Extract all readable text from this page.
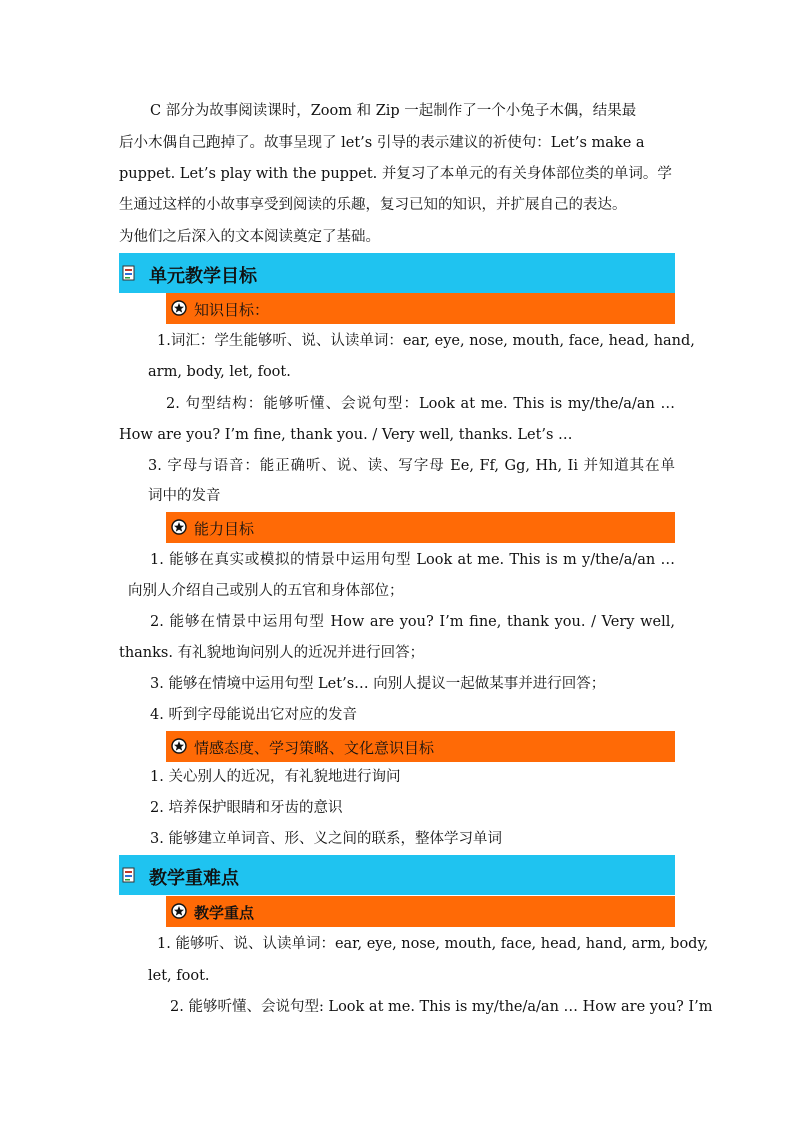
C 部分为故事阅读课时，Zoom 和 Zip 一起制作了一个小兔子木偶，结果最
后小木偶自己跑掉了。故事呈现了 let’s 引导的表示建议的祈使句：Let’s make a
puppet. Let’s play with the puppet. 并复习了本单元的有关身体部位类的单词。学
生通过这样的小故事享受到阅读的乐趣，复习已知的知识，并扩展自己的表达。
为他们之后深入的文本阅读奠定了基础。
单元教学目标
知识目标：
1.词汇：学生能够听、说、认读单词：ear, eye, nose, mouth, face, head, hand,
arm, body, let, foot.
2. 句型结构：能够听懂、会说句型：Look at me. This is my/the/a/an …
How are you? I’m fine, thank you. / Very well, thanks. Let’s …
3. 字母与语音：能正确听、说、读、写字母 Ee, Ff, Gg, Hh, Ii 并知道其在单
词中的发音
能力目标
1. 能够在真实或模拟的情景中运用句型 Look at me. This is m y/the/a/an …
向别人介绍自己或别人的五官和身体部位；
2. 能够在情景中运用句型 How are you? I’m fine, thank you. / Very well,
thanks. 有礼貌地询问别人的近况并进行回答；
3. 能够在情境中运用句型 Let’s… 向别人提议一起做某事并进行回答；
4. 听到字母能说出它对应的发音
情感态度、学习策略、文化意识目标
1. 关心别人的近况，有礼貌地进行询问
2. 培养保护眼睛和牙齿的意识
3. 能够建立单词音、形、义之间的联系，整体学习单词
教学重难点
教学重点
1. 能够听、说、认读单词：ear, eye, nose, mouth, face, head, hand, arm, body,
let, foot.
2. 能够听懂、会说句型: Look at me. This is my/the/a/an … How are you? I’m
